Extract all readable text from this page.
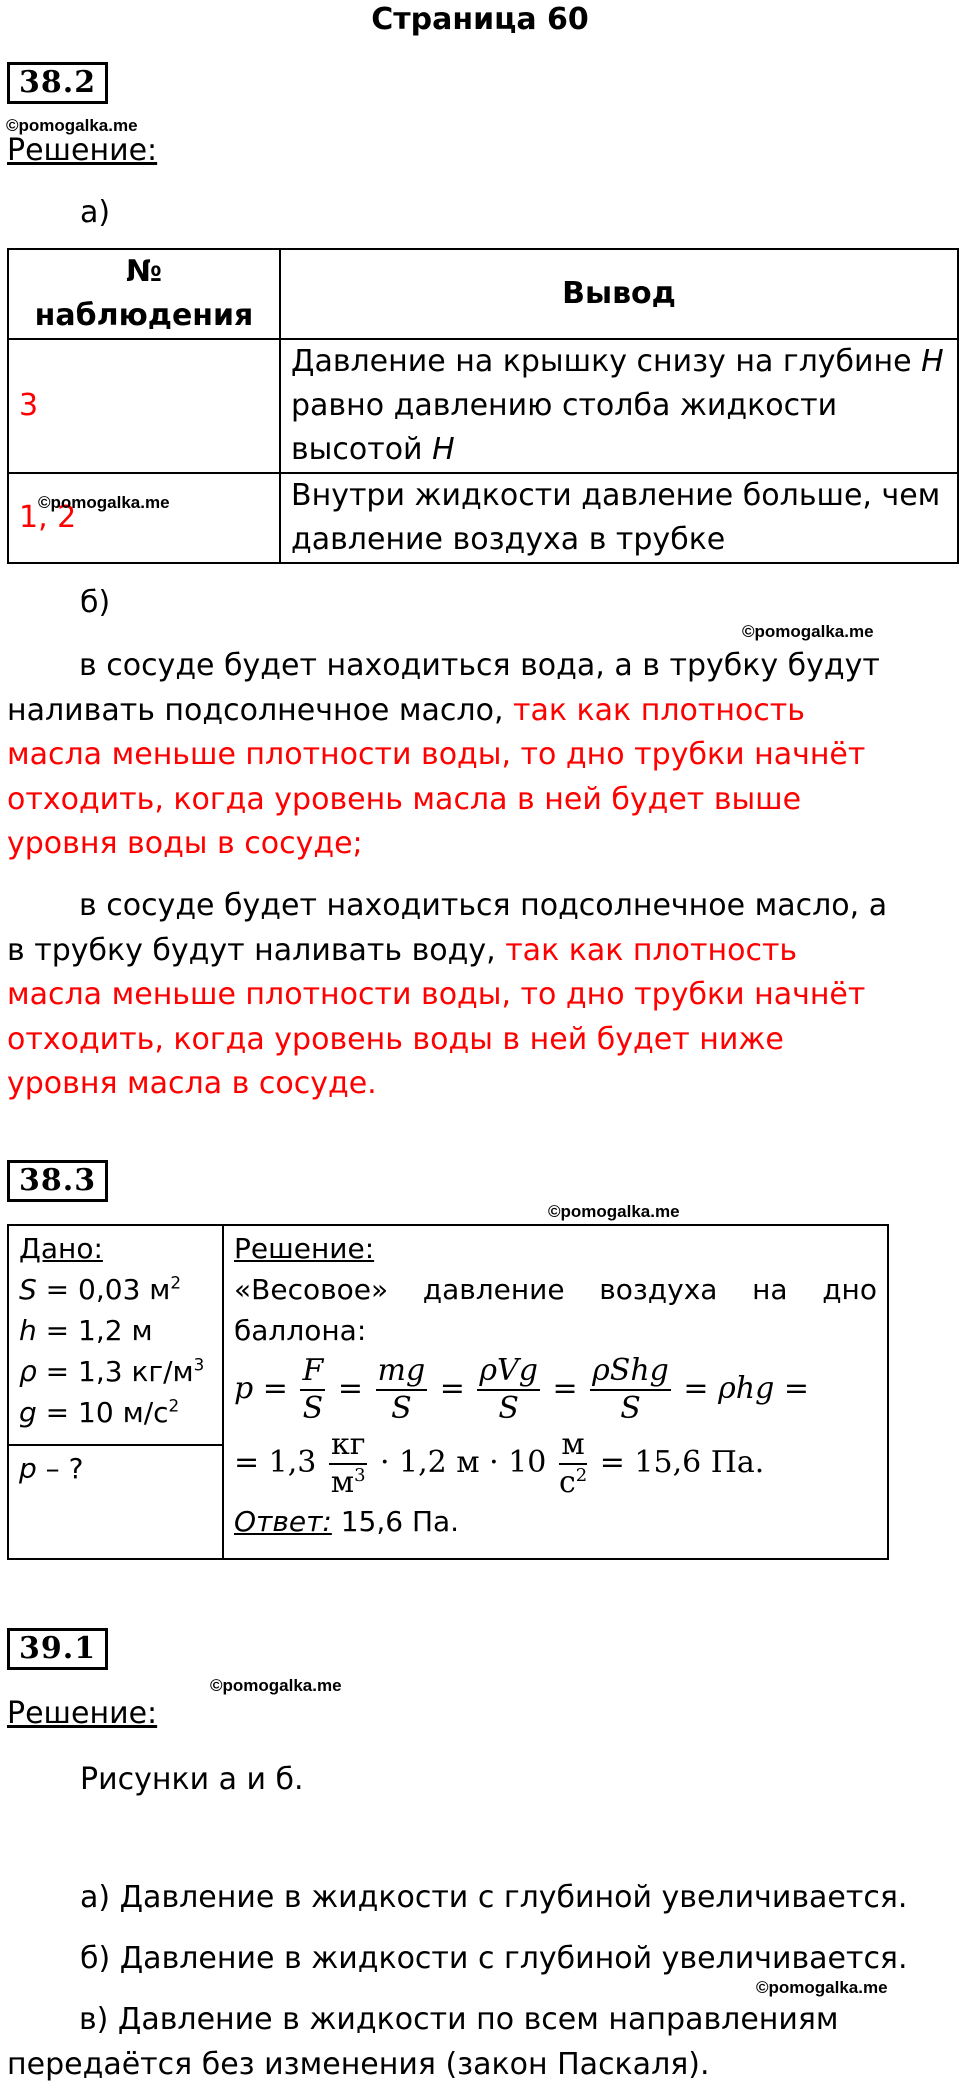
Страница 60
38.2
©pomogalka.me
Решение:
а)
№ наблюдения	Вывод
3	Давление на крышку снизу на глубине H
равно давлению столба жидкости
высотой H
1, 2	Внутри жидкости давление больше, чем
давление воздуха в трубке
©pomogalka.me
б)
©pomogalka.me
в сосуде будет находиться вода, а в трубку будут наливать подсолнечное масло, так как плотность масла меньше плотности воды, то дно трубки начнёт отходить, когда уровень масла в ней будет выше уровня воды в сосуде;
в сосуде будет находиться подсолнечное масло, а в трубку будут наливать воду, так как плотность масла меньше плотности воды, то дно трубки начнёт отходить, когда уровень воды в ней будет ниже уровня масла в сосуде.
38.3
©pomogalka.me
Дано:
S = 0,03 $м^2$
h = 1,2 м
ρ = 1,3 $кг/м^3$
g = 10 $м/с^2$

Решение:
«Весовое» давление воздуха на дно баллона:
$p = \frac{F}{S} = \frac{mg}{S} = \frac{\text{ρVg}}{S} = \frac{\text{ρShg}}{S} = \rho hg$ =
= $1,3 \frac{кг}{м^3} \cdot 1,2$ $м \cdot 10 \frac{м}{с^2} = 15,6$ Па.
Ответ: 15,6 Па.

p – ?
39.1
©pomogalka.me
Решение:
Рисунки а и б.
а) Давление в жидкости с глубиной увеличивается.
б) Давление в жидкости с глубиной увеличивается.
©pomogalka.me
в) Давление в жидкости по всем направлениям передаётся без изменения (закон Паскаля).
